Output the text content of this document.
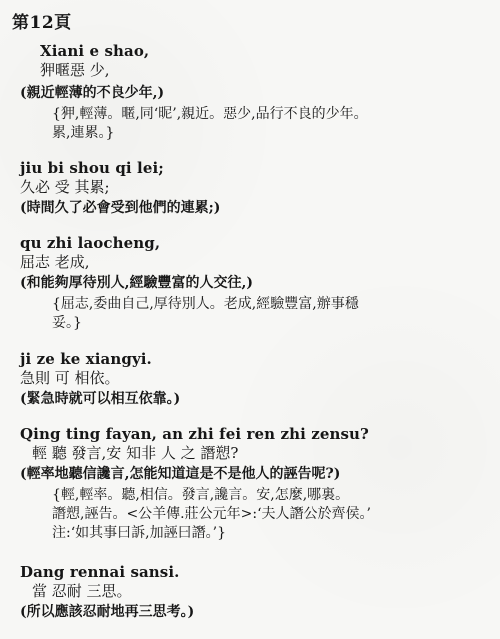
第12頁
Xiani e shao,
狎暱惡 少,
(親近輕薄的不良少年,)
{狎,輕薄。暱,同‘昵’,親近。惡少,品行不良的少年。
累,連累。}
jiu bi shou qi lei;
久必 受 其累;
(時間久了必會受到他們的連累;)
qu zhi laocheng,
屈志 老成,
(和能夠厚待別人,經驗豐富的人交往,)
{屈志,委曲自己,厚待別人。老成,經驗豐富,辦事穩
妥。}
ji ze ke xiangyi.
急則 可 相依。
(緊急時就可以相互依靠。)
Qing ting fayan, an zhi fei ren zhi zensu?
輕 聽 發言,安 知非 人 之 譖愬?
(輕率地聽信讒言,怎能知道這是不是他人的誣告呢?)
{輕,輕率。聽,相信。發言,讒言。安,怎麼,哪裏。
譖愬,誣告。<公羊傳.莊公元年>:‘夫人譖公於齊侯。’
注:‘如其事曰訴,加誣曰譖。’}
Dang rennai sansi.
當 忍耐 三思。
(所以應該忍耐地再三思考。)
